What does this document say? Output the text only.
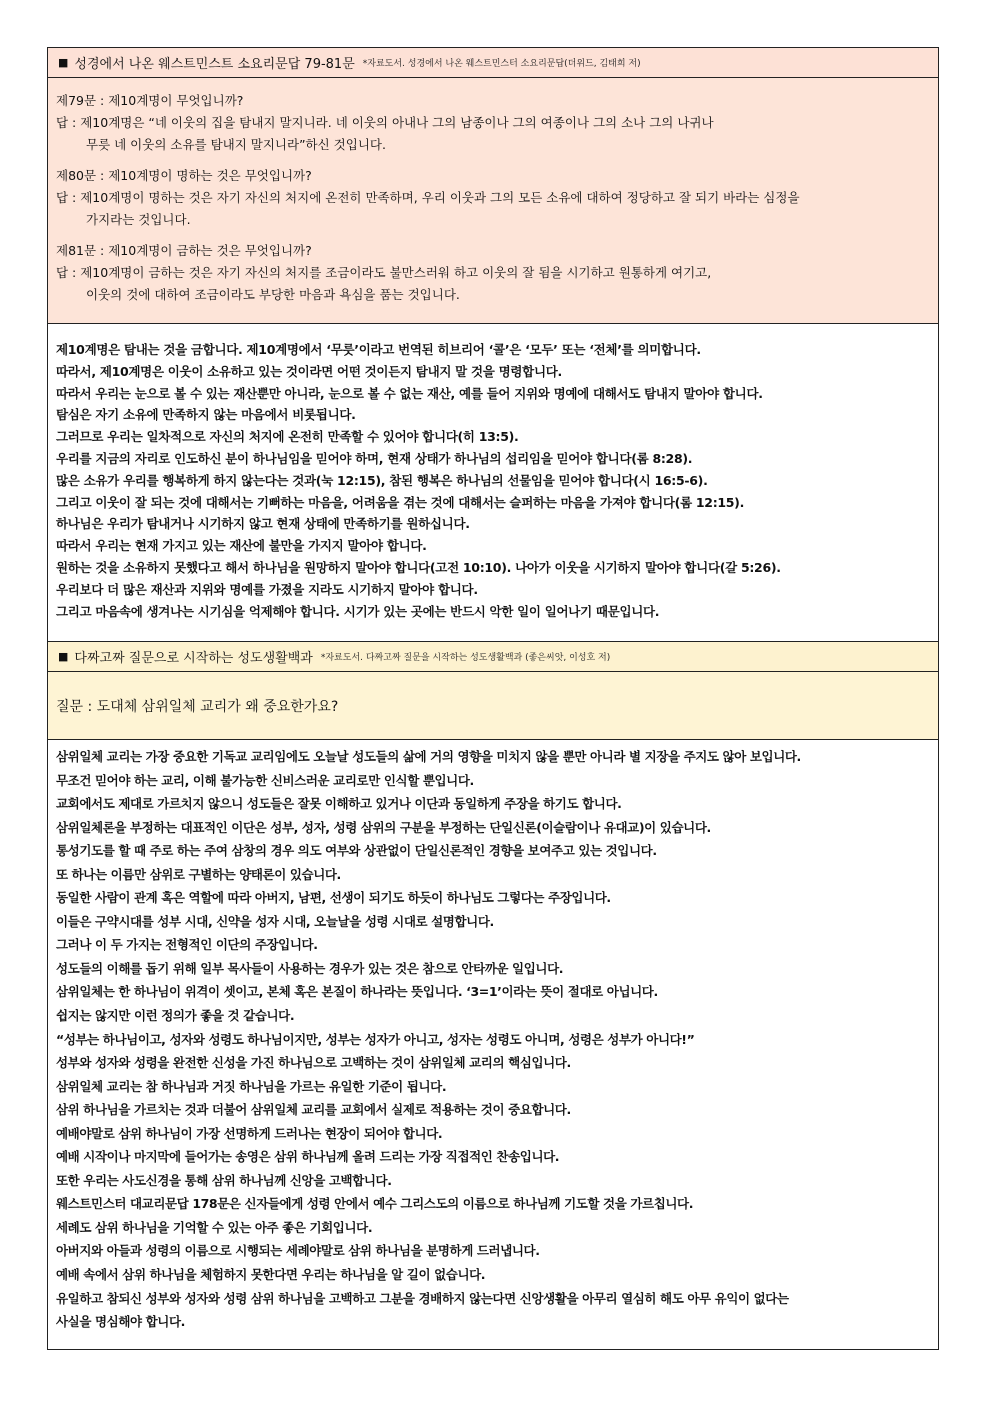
■ 성경에서 나온 웨스트민스트 소요리문답 79-81문 *자료도서. 성경에서 나온 웨스트민스터 소요리문답(더위드, 김태희 저)
제79문 : 제10계명이 무엇입니까?
답 : 제10계명은 “네 이웃의 집을 탐내지 말지니라. 네 이웃의 아내나 그의 남종이나 그의 여종이나 그의 소나 그의 나귀나
무릇 네 이웃의 소유를 탐내지 말지니라”하신 것입니다.
제80문 : 제10계명이 명하는 것은 무엇입니까?
답 : 제10계명이 명하는 것은 자기 자신의 처지에 온전히 만족하며, 우리 이웃과 그의 모든 소유에 대하여 정당하고 잘 되기 바라는 심정을
가지라는 것입니다.
제81문 : 제10계명이 금하는 것은 무엇입니까?
답 : 제10계명이 금하는 것은 자기 자신의 처지를 조금이라도 불만스러워 하고 이웃의 잘 됨을 시기하고 원통하게 여기고,
이웃의 것에 대하여 조금이라도 부당한 마음과 욕심을 품는 것입니다.
제10계명은 탐내는 것을 금합니다. 제10계명에서 ‘무릇’이라고 번역된 히브리어 ‘콜’은 ‘모두’ 또는 ‘전체’를 의미합니다.
따라서, 제10계명은 이웃이 소유하고 있는 것이라면 어떤 것이든지 탐내지 말 것을 명령합니다.
따라서 우리는 눈으로 볼 수 있는 재산뿐만 아니라, 눈으로 볼 수 없는 재산, 예를 들어 지위와 명예에 대해서도 탐내지 말아야 합니다.
탐심은 자기 소유에 만족하지 않는 마음에서 비롯됩니다.
그러므로 우리는 일차적으로 자신의 처지에 온전히 만족할 수 있어야 합니다(히 13:5).
우리를 지금의 자리로 인도하신 분이 하나님임을 믿어야 하며, 현재 상태가 하나님의 섭리임을 믿어야 합니다(롬 8:28).
많은 소유가 우리를 행복하게 하지 않는다는 것과(눅 12:15), 참된 행복은 하나님의 선물임을 믿어야 합니다(시 16:5-6).
그리고 이웃이 잘 되는 것에 대해서는 기뻐하는 마음을, 어려움을 겪는 것에 대해서는 슬퍼하는 마음을 가져야 합니다(롬 12:15).
하나님은 우리가 탐내거나 시기하지 않고 현재 상태에 만족하기를 원하십니다.
따라서 우리는 현재 가지고 있는 재산에 불만을 가지지 말아야 합니다.
원하는 것을 소유하지 못했다고 해서 하나님을 원망하지 말아야 합니다(고전 10:10). 나아가 이웃을 시기하지 말아야 합니다(갈 5:26).
우리보다 더 많은 재산과 지위와 명예를 가졌을 지라도 시기하지 말아야 합니다.
그리고 마음속에 생겨나는 시기심을 억제해야 합니다. 시기가 있는 곳에는 반드시 악한 일이 일어나기 때문입니다.
■ 다짜고짜 질문으로 시작하는 성도생활백과 *자료도서. 다짜고짜 질문을 시작하는 성도생활백과 (좋은씨앗, 이성호 저)
질문 : 도대체 삼위일체 교리가 왜 중요한가요?
삼위일체 교리는 가장 중요한 기독교 교리임에도 오늘날 성도들의 삶에 거의 영향을 미치지 않을 뿐만 아니라 별 지장을 주지도 않아 보입니다.
무조건 믿어야 하는 교리, 이해 불가능한 신비스러운 교리로만 인식할 뿐입니다.
교회에서도 제대로 가르치지 않으니 성도들은 잘못 이해하고 있거나 이단과 동일하게 주장을 하기도 합니다.
삼위일체론을 부정하는 대표적인 이단은 성부, 성자, 성령 삼위의 구분을 부정하는 단일신론(이슬람이나 유대교)이 있습니다.
통성기도를 할 때 주로 하는 주여 삼창의 경우 의도 여부와 상관없이 단일신론적인 경향을 보여주고 있는 것입니다.
또 하나는 이름만 삼위로 구별하는 양태론이 있습니다.
동일한 사람이 관계 혹은 역할에 따라 아버지, 남편, 선생이 되기도 하듯이 하나님도 그렇다는 주장입니다.
이들은 구약시대를 성부 시대, 신약을 성자 시대, 오늘날을 성령 시대로 설명합니다.
그러나 이 두 가지는 전형적인 이단의 주장입니다.
성도들의 이해를 돕기 위해 일부 목사들이 사용하는 경우가 있는 것은 참으로 안타까운 일입니다.
삼위일체는 한 하나님이 위격이 셋이고, 본체 혹은 본질이 하나라는 뜻입니다. ‘3=1’이라는 뜻이 절대로 아닙니다.
쉽지는 않지만 이런 정의가 좋을 것 같습니다.
“성부는 하나님이고, 성자와 성령도 하나님이지만, 성부는 성자가 아니고, 성자는 성령도 아니며, 성령은 성부가 아니다!”
성부와 성자와 성령을 완전한 신성을 가진 하나님으로 고백하는 것이 삼위일체 교리의 핵심입니다.
삼위일체 교리는 참 하나님과 거짓 하나님을 가르는 유일한 기준이 됩니다.
삼위 하나님을 가르치는 것과 더불어 삼위일체 교리를 교회에서 실제로 적용하는 것이 중요합니다.
예배야말로 삼위 하나님이 가장 선명하게 드러나는 현장이 되어야 합니다.
예배 시작이나 마지막에 들어가는 송영은 삼위 하나님께 올려 드리는 가장 직접적인 찬송입니다.
또한 우리는 사도신경을 통해 삼위 하나님께 신앙을 고백합니다.
웨스트민스터 대교리문답 178문은 신자들에게 성령 안에서 예수 그리스도의 이름으로 하나님께 기도할 것을 가르칩니다.
세례도 삼위 하나님을 기억할 수 있는 아주 좋은 기회입니다.
아버지와 아들과 성령의 이름으로 시행되는 세례야말로 삼위 하나님을 분명하게 드러냅니다.
예배 속에서 삼위 하나님을 체험하지 못한다면 우리는 하나님을 알 길이 없습니다.
유일하고 참되신 성부와 성자와 성령 삼위 하나님을 고백하고 그분을 경배하지 않는다면 신앙생활을 아무리 열심히 해도 아무 유익이 없다는
사실을 명심해야 합니다.
